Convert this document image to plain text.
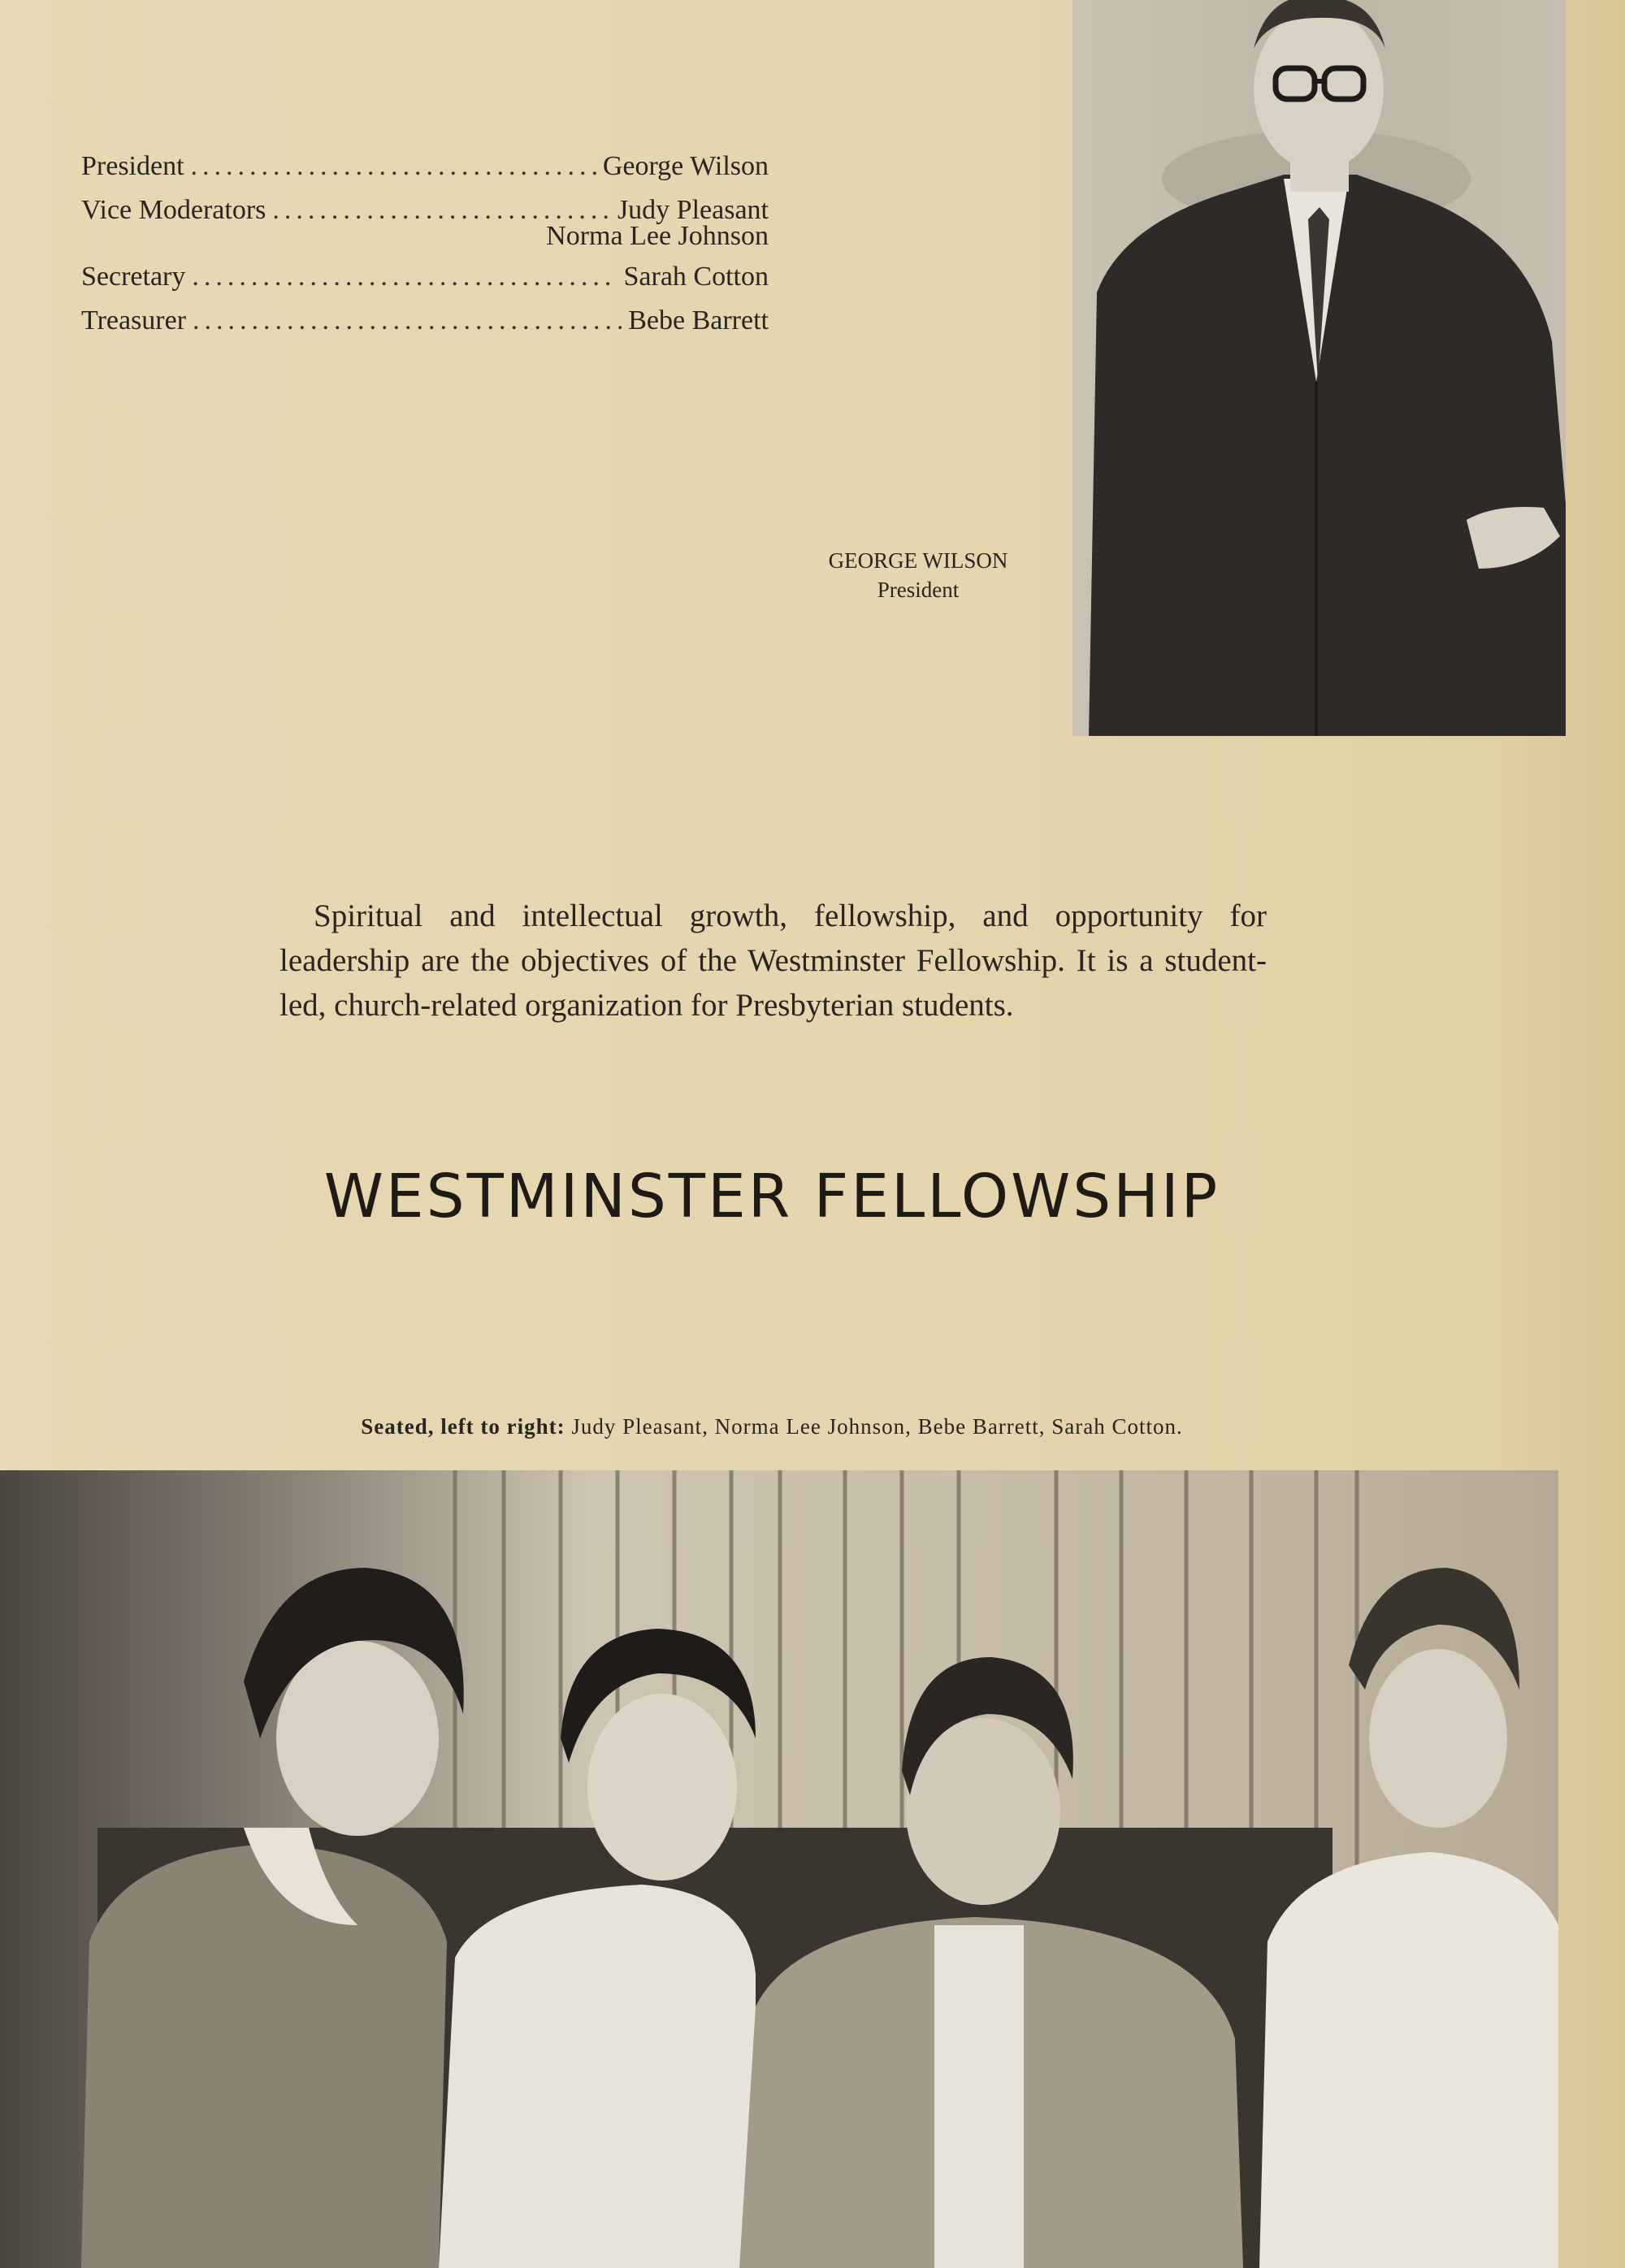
President .....	George Wilson
Vice Moderators .....	Judy Pleasant
Norma Lee Johnson
Secretary .....	Sarah Cotton
Treasurer .....	Bebe Barrett
GEORGE WILSON
President

Spiritual and intellectual growth, fellowship, and opportunity for leadership are the objectives of the Westminster Fellowship. It is a student-led, church-related organization for Presbyterian students.

WESTMINSTER FELLOWSHIP
Seated, left to right: Judy Pleasant, Norma Lee Johnson, Bebe Barrett, Sarah Cotton.
